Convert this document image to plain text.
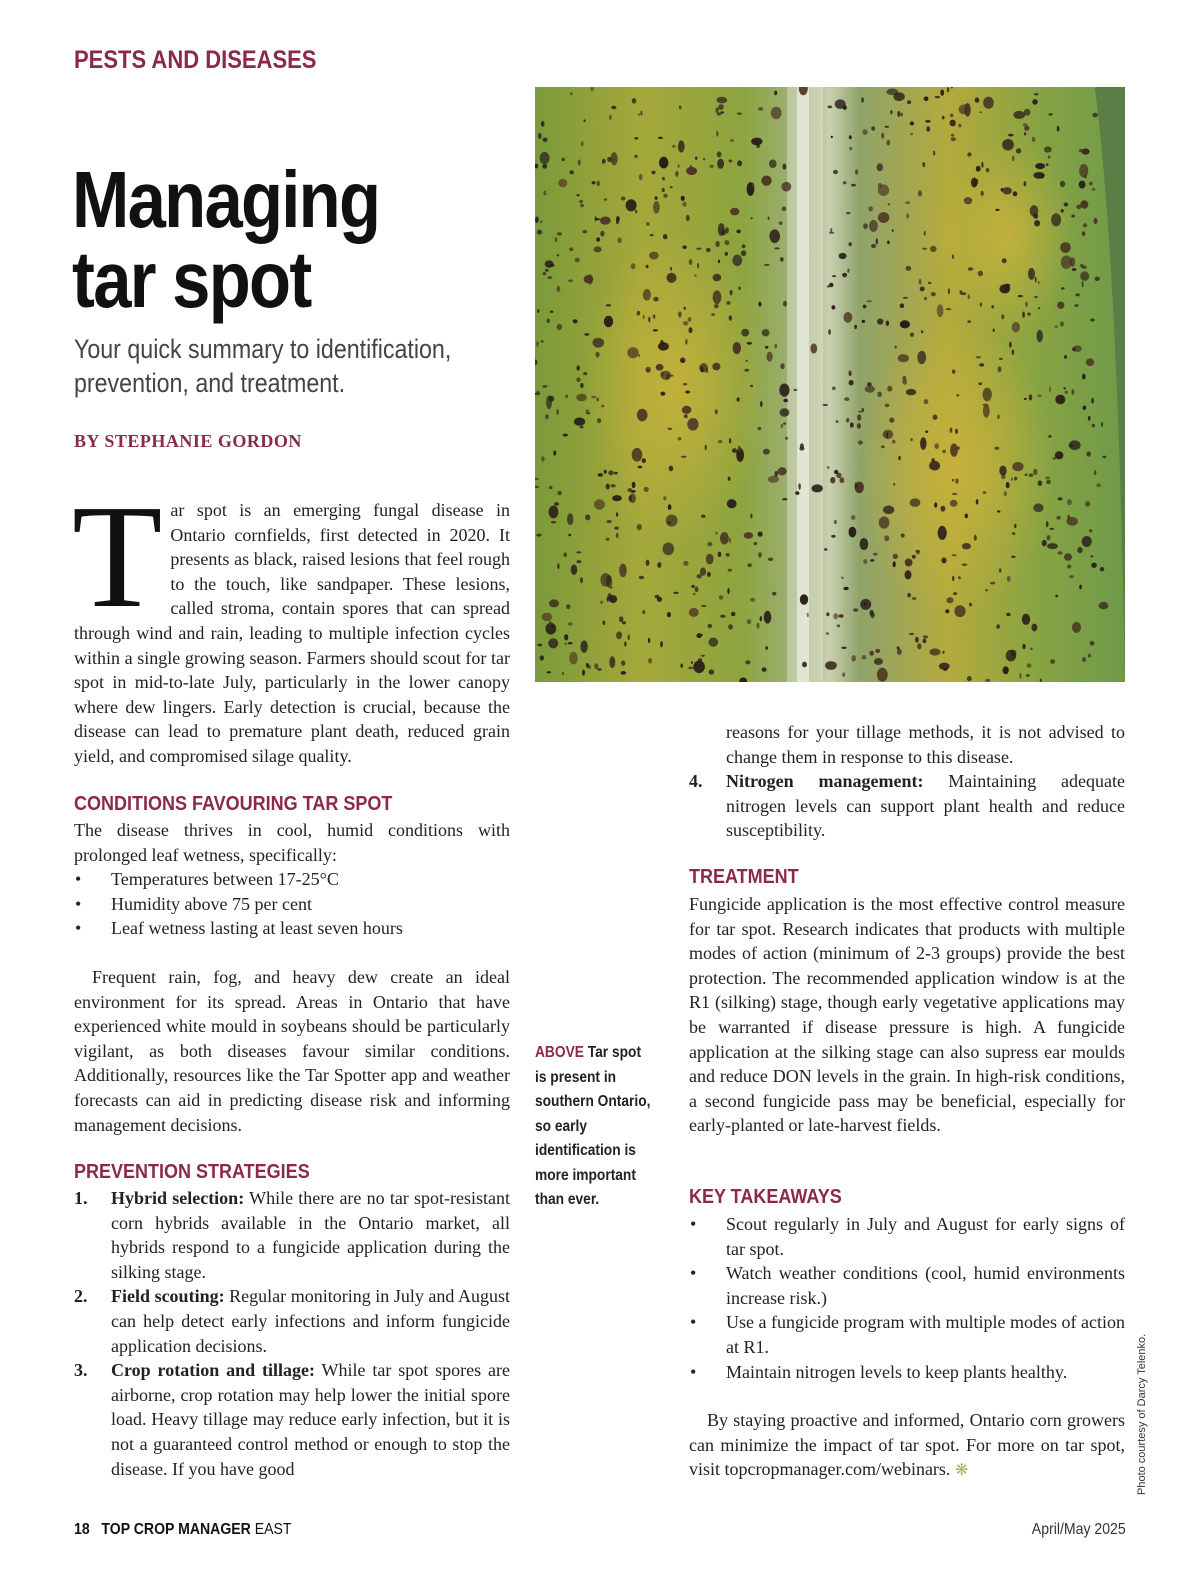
PESTS AND DISEASES
Managing tar spot
Your quick summary to identification, prevention, and treatment.
BY STEPHANIE GORDON
Tar spot is an emerging fungal disease in Ontario cornfields, first detected in 2020. It presents as black, raised lesions that feel rough to the touch, like sandpaper. These lesions, called stroma, contain spores that can spread through wind and rain, leading to multiple infection cycles within a single growing season. Farmers should scout for tar spot in mid-to-late July, particularly in the lower canopy where dew lingers. Early detection is crucial, because the disease can lead to premature plant death, reduced grain yield, and compromised silage quality.
CONDITIONS FAVOURING TAR SPOT

The disease thrives in cool, humid conditions with prolonged leaf wetness, specifically:

• Temperatures between 17-25°C
• Humidity above 75 per cent
• Leaf wetness lasting at least seven hours

Frequent rain, fog, and heavy dew create an ideal environment for its spread. Areas in Ontario that have experienced white mould in soybeans should be particularly vigilant, as both diseases favour similar conditions. Additionally, resources like the Tar Spotter app and weather forecasts can aid in predicting disease risk and informing management decisions.

PREVENTION STRATEGIES
1. Hybrid selection: While there are no tar spot-resistant corn hybrids available in the Ontario market, all hybrids respond to a fungicide application during the silking stage.
2. Field scouting: Regular monitoring in July and August can help detect early infections and inform fungicide application decisions.
3. Crop rotation and tillage: While tar spot spores are airborne, crop rotation may help lower the initial spore load. Heavy tillage may reduce early infection, but it is not a guaranteed control method or enough to stop the disease. If you have good
ABOVE Tar spot is present in southern Ontario, so early identification is more important than ever.

reasons for your tillage methods, it is not advised to change them in response to this disease.

4. Nitrogen management: Maintaining adequate nitrogen levels can support plant health and reduce susceptibility.
TREATMENT

Fungicide application is the most effective control measure for tar spot. Research indicates that products with multiple modes of action (minimum of 2-3 groups) provide the best protection. The recommended application window is at the R1 (silking) stage, though early vegetative applications may be warranted if disease pressure is high. A fungicide application at the silking stage can also supress ear moulds and reduce DON levels in the grain. In high-risk conditions, a second fungicide pass may be beneficial, especially for early-planted or late-harvest fields.

KEY TAKEAWAYS
• Scout regularly in July and August for early signs of tar spot.
• Watch weather conditions (cool, humid environments increase risk.)
• Use a fungicide program with multiple modes of action at R1.
• Maintain nitrogen levels to keep plants healthy.

By staying proactive and informed, Ontario corn growers can minimize the impact of tar spot. For more on tar spot, visit topcropmanager.com/webinars. ❋	Photo courtesy of Darcy Telenko.
18 TOP CROP MANAGER EAST	April/May 2025
